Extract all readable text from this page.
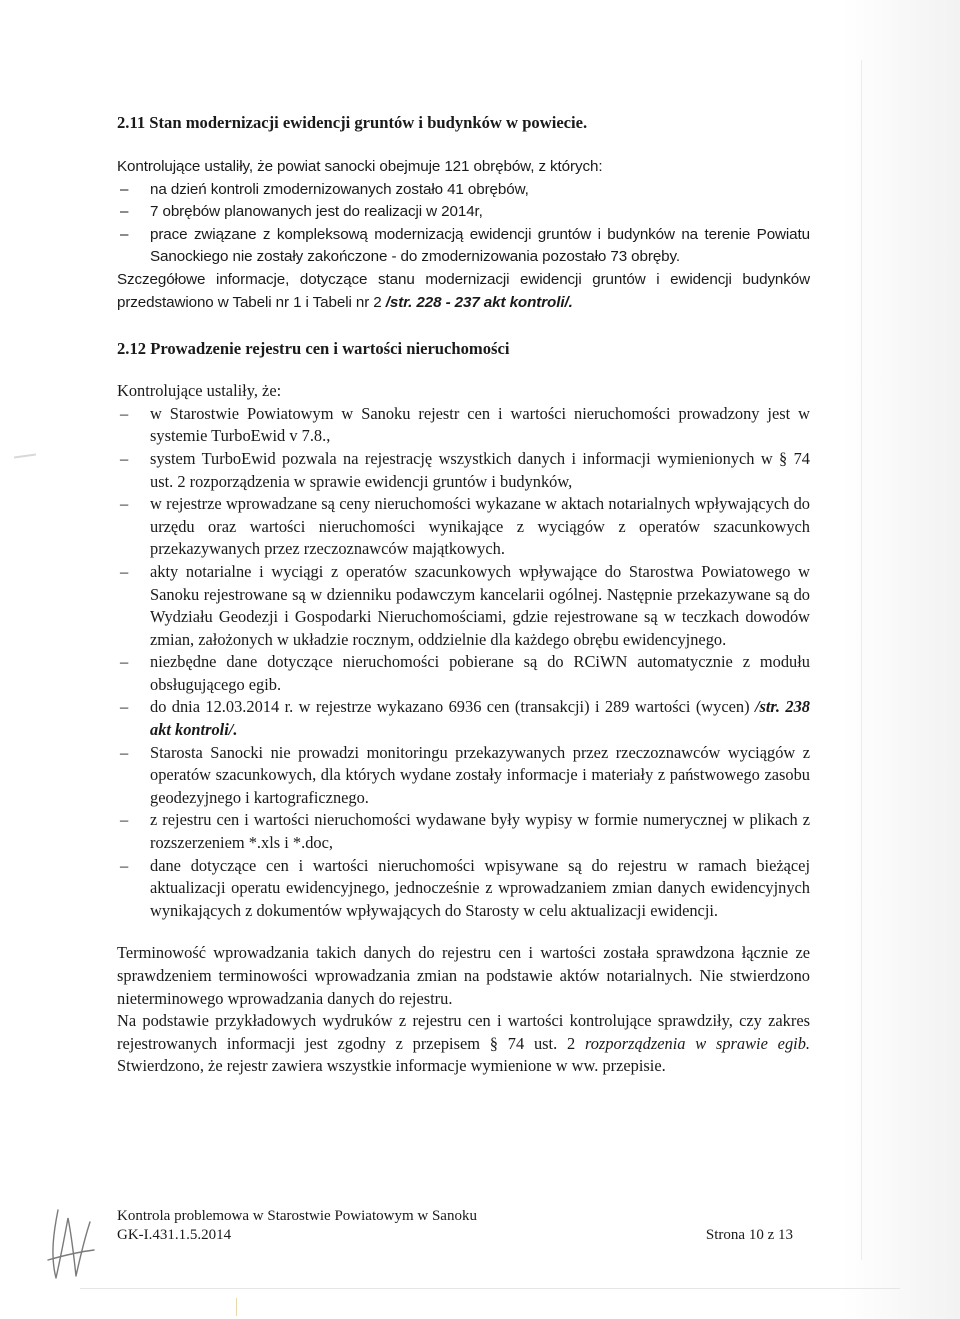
2.11 Stan modernizacji ewidencji gruntów i budynków w powiecie.

Kontrolujące ustaliły, że powiat sanocki obejmuje 121 obrębów, z których:

– na dzień kontroli zmodernizowanych zostało 41 obrębów,
– 7 obrębów planowanych jest do realizacji w 2014r,
– prace związane z kompleksową modernizacją ewidencji gruntów i budynków na terenie Powiatu Sanockiego nie zostały zakończone - do zmodernizowania pozostało 73 obręby.

Szczegółowe informacje, dotyczące stanu modernizacji ewidencji gruntów i ewidencji budynków przedstawiono w Tabeli nr 1 i Tabeli nr 2 /str. 228 - 237 akt kontroli/.

2.12 Prowadzenie rejestru cen i wartości nieruchomości

Kontrolujące ustaliły, że:

– w Starostwie Powiatowym w Sanoku rejestr cen i wartości nieruchomości prowadzony jest w systemie TurboEwid v 7.8.,
– system TurboEwid pozwala na rejestrację wszystkich danych i informacji wymienionych w § 74 ust. 2 rozporządzenia w sprawie ewidencji gruntów i budynków,
– w rejestrze wprowadzane są ceny nieruchomości wykazane w aktach notarialnych wpływających do urzędu oraz wartości nieruchomości wynikające z wyciągów z operatów szacunkowych przekazywanych przez rzeczoznawców majątkowych.
– akty notarialne i wyciągi z operatów szacunkowych wpływające do Starostwa Powiatowego w Sanoku rejestrowane są w dzienniku podawczym kancelarii ogólnej. Następnie przekazywane są do Wydziału Geodezji i Gospodarki Nieruchomościami, gdzie rejestrowane są w teczkach dowodów zmian, założonych w układzie rocznym, oddzielnie dla każdego obrębu ewidencyjnego.
– niezbędne dane dotyczące nieruchomości pobierane są do RCiWN automatycznie z modułu obsługującego egib.
– do dnia 12.03.2014 r. w rejestrze wykazano 6936 cen (transakcji) i 289 wartości (wycen) /str. 238 akt kontroli/.
– Starosta Sanocki nie prowadzi monitoringu przekazywanych przez rzeczoznawców wyciągów z operatów szacunkowych, dla których wydane zostały informacje i materiały z państwowego zasobu geodezyjnego i kartograficznego.
– z rejestru cen i wartości nieruchomości wydawane były wypisy w formie numerycznej w plikach z rozszerzeniem *.xls i *.doc,
– dane dotyczące cen i wartości nieruchomości wpisywane są do rejestru w ramach bieżącej aktualizacji operatu ewidencyjnego, jednocześnie z wprowadzaniem zmian danych ewidencyjnych wynikających z dokumentów wpływających do Starosty w celu aktualizacji ewidencji.

Terminowość wprowadzania takich danych do rejestru cen i wartości została sprawdzona łącznie ze sprawdzeniem terminowości wprowadzania zmian na podstawie aktów notarialnych. Nie stwierdzono nieterminowego wprowadzania danych do rejestru.

Na podstawie przykładowych wydruków z rejestru cen i wartości kontrolujące sprawdziły, czy zakres rejestrowanych informacji jest zgodny z przepisem § 74 ust. 2 rozporządzenia w sprawie egib. Stwierdzono, że rejestr zawiera wszystkie informacje wymienione w ww. przepisie.

Kontrola problemowa w Starostwie Powiatowym w Sanoku
GK-I.431.1.5.2014	Strona 10 z 13
